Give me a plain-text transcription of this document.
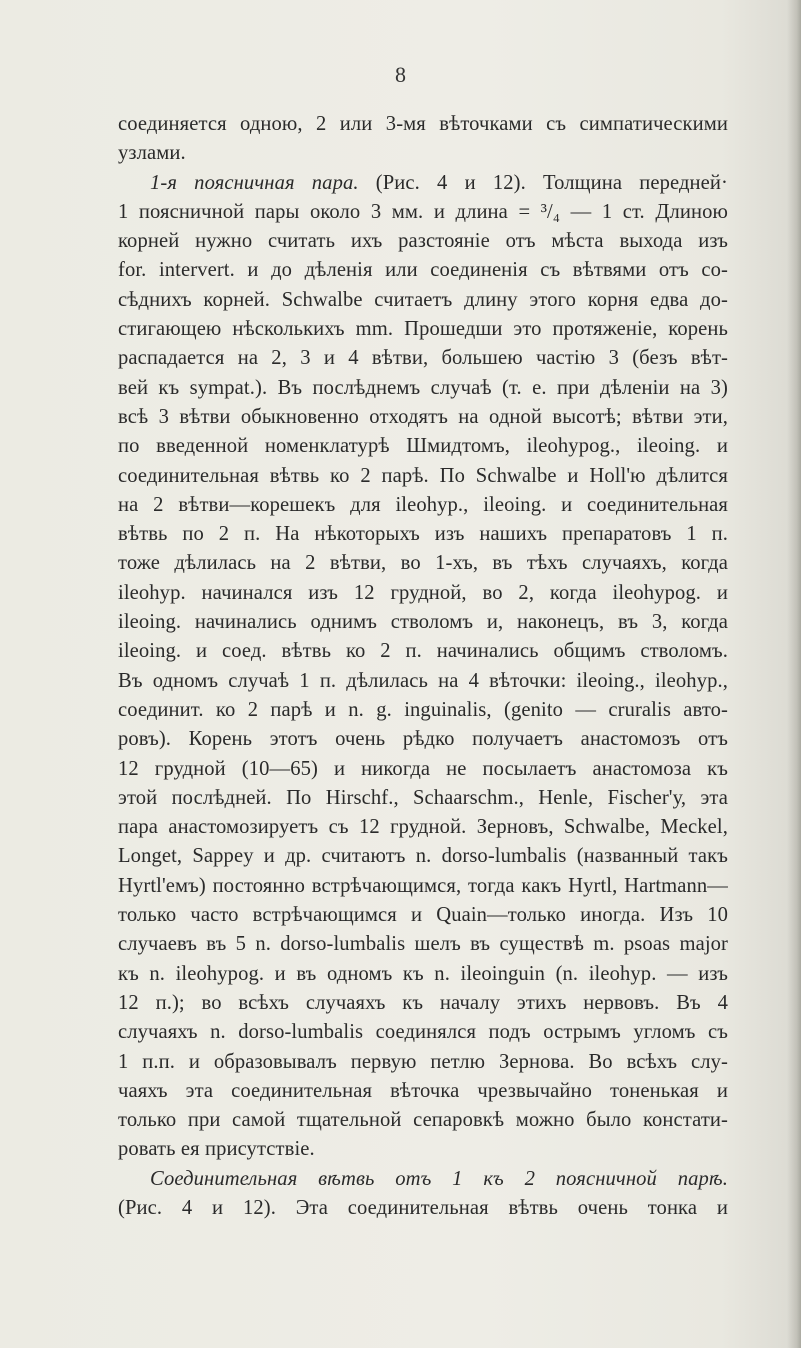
8
соединяется одною, 2 или 3-мя вѣточками съ симпатическими
узлами.
1-я поясничная пара. (Рис. 4 и 12). Толщина передней·
1 поясничной пары около 3 мм. и длина = ³/₄ — 1 ст. Длиною
корней нужно считать ихъ разстояніе отъ мѣста выхода изъ
for. intervert. и до дѣленія или соединенія съ вѣтвями отъ со-
сѣднихъ корней. Schwalbe считаетъ длину этого корня едва до-
стигающею нѣсколькихъ mm. Прошедши это протяженіе, корень
распадается на 2, 3 и 4 вѣтви, большею частію 3 (безъ вѣт-
вей къ sympat.). Въ послѣднемъ случаѣ (т. е. при дѣленіи на 3)
всѣ 3 вѣтви обыкновенно отходятъ на одной высотѣ; вѣтви эти,
по введенной номенклатурѣ Шмидтомъ, ileohypog., ileoing. и
соединительная вѣтвь ко 2 парѣ. По Schwalbe и Holl'ю дѣлится
на 2 вѣтви—корешекъ для ileohyp., ileoing. и соединительная
вѣтвь по 2 п. На нѣкоторыхъ изъ нашихъ препаратовъ 1 п.
тоже дѣлилась на 2 вѣтви, во 1-хъ, въ тѣхъ случаяхъ, когда
ileohyp. начинался изъ 12 грудной, во 2, когда ileohypog. и
ileoing. начинались однимъ стволомъ и, наконецъ, въ 3, когда
ileoing. и соед. вѣтвь ко 2 п. начинались общимъ стволомъ.
Въ одномъ случаѣ 1 п. дѣлилась на 4 вѣточки: ileoing., ileohyp.,
соединит. ко 2 парѣ и n. g. inguinalis, (genito — cruralis авто-
ровъ). Корень этотъ очень рѣдко получаетъ анастомозъ отъ
12 грудной (10—65) и никогда не посылаетъ анастомоза къ
этой послѣдней. По Hirschf., Schaarschm., Henle, Fischer'у, эта
пара анастомозируетъ съ 12 грудной. Зерновъ, Schwalbe, Meckel,
Longet, Sappey и др. считаютъ n. dorso-lumbalis (названный такъ
Hyrtl'емъ) постоянно встрѣчающимся, тогда какъ Hyrtl, Hartmann—
только часто встрѣчающимся и Quain—только иногда. Изъ 10
случаевъ въ 5 n. dorso-lumbalis шелъ въ существѣ m. psoas major
къ n. ileohypog. и въ одномъ къ n. ileoinguin (n. ileohyp. — изъ
12 п.); во всѣхъ случаяхъ къ началу этихъ нервовъ. Въ 4
случаяхъ n. dorso-lumbalis соединялся подъ острымъ угломъ съ
1 п.п. и образовывалъ первую петлю Зернова. Во всѣхъ слу-
чаяхъ эта соединительная вѣточка чрезвычайно тоненькая и
только при самой тщательной сепаровкѣ можно было констати-
ровать ея присутствіе.
Соединительная вѣтвь отъ 1 къ 2 поясничной парѣ.
(Рис. 4 и 12). Эта соединительная вѣтвь очень тонка и
